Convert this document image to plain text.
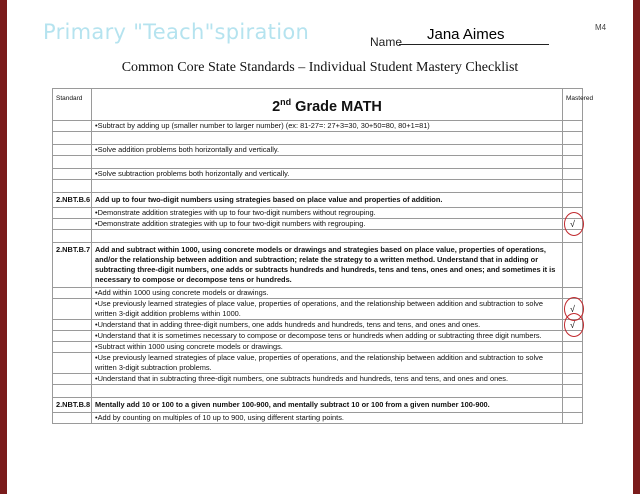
Primary "Teach"spiration	M4
Name Jana Aimes
Common Core State Standards – Individual Student Mastery Checklist
Standard	2nd Grade MATH	Mastered
	•Subtract by adding up (smaller number to larger number) (ex: 81-27=: 27+3=30, 30+50=80, 80+1=81)	

	•Solve addition problems both horizontally and vertically.	

	•Solve subtraction problems both horizontally and vertically.	

2.NBT.B.6	Add up to four two-digit numbers using strategies based on place value and properties of addition.	
	•Demonstrate addition strategies with up to four two-digit numbers without regrouping.	
	•Demonstrate addition strategies with up to four two-digit numbers with regrouping.	√

2.NBT.B.7	Add and subtract within 1000, using concrete models or drawings and strategies based on place value, properties of operations, and/or the relationship between addition and subtraction; relate the strategy to a written method. Understand that in adding or subtracting three-digit numbers, one adds or subtracts hundreds and hundreds, tens and tens, ones and ones; and sometimes it is necessary to compose or decompose tens or hundreds.	
	•Add within 1000 using concrete models or drawings.	
	•Use previously learned strategies of place value, properties of operations, and the relationship between addition and subtraction to solve written 3-digit addition problems within 1000.	√
	•Understand that in adding three-digit numbers, one adds hundreds and hundreds, tens and tens, and ones and ones.	√
	•Understand that it is sometimes necessary to compose or decompose tens or hundreds when adding or subtracting three digit numbers.	
	•Subtract within 1000 using concrete models or drawings.	
	•Use previously learned strategies of place value, properties of operations, and the relationship between addition and subtraction to solve written 3-digit subtraction problems.	
	•Understand that in subtracting three-digit numbers, one subtracts hundreds and hundreds, tens and tens, and ones and ones.	

2.NBT.B.8	Mentally add 10 or 100 to a given number 100-900, and mentally subtract 10 or 100 from a given number 100-900.	
	•Add by counting on multiples of 10 up to 900, using different starting points.	
